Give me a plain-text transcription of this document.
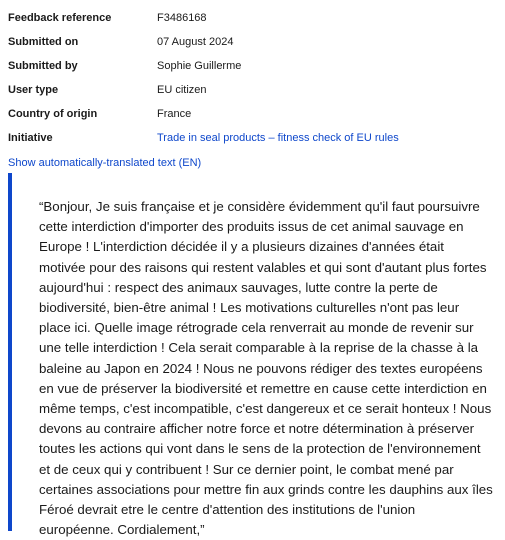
Feedback reference	F3486168
Submitted on	07 August 2024
Submitted by	Sophie Guillerme
User type	EU citizen
Country of origin	France
Initiative	Trade in seal products – fitness check of EU rules
Show automatically-translated text (EN)

“Bonjour, Je suis française et je considère évidemment qu'il faut poursuivre cette interdiction d'importer des produits issus de cet animal sauvage en Europe ! L'interdiction décidée il y a plusieurs dizaines d'années était motivée pour des raisons qui restent valables et qui sont d'autant plus fortes aujourd'hui : respect des animaux sauvages, lutte contre la perte de biodiversité, bien-être animal ! Les motivations culturelles n'ont pas leur place ici. Quelle image rétrograde cela renverrait au monde de revenir sur une telle interdiction ! Cela serait comparable à la reprise de la chasse à la baleine au Japon en 2024 ! Nous ne pouvons rédiger des textes européens en vue de préserver la biodiversité et remettre en cause cette interdiction en même temps, c'est incompatible, c'est dangereux et ce serait honteux ! Nous devons au contraire afficher notre force et notre détermination à préserver toutes les actions qui vont dans le sens de la protection de l'environnement et de ceux qui y contribuent ! Sur ce dernier point, le combat mené par certaines associations pour mettre fin aux grinds contre les dauphins aux îles Féroé devrait etre le centre d'attention des institutions de l'union européenne. Cordialement,”
